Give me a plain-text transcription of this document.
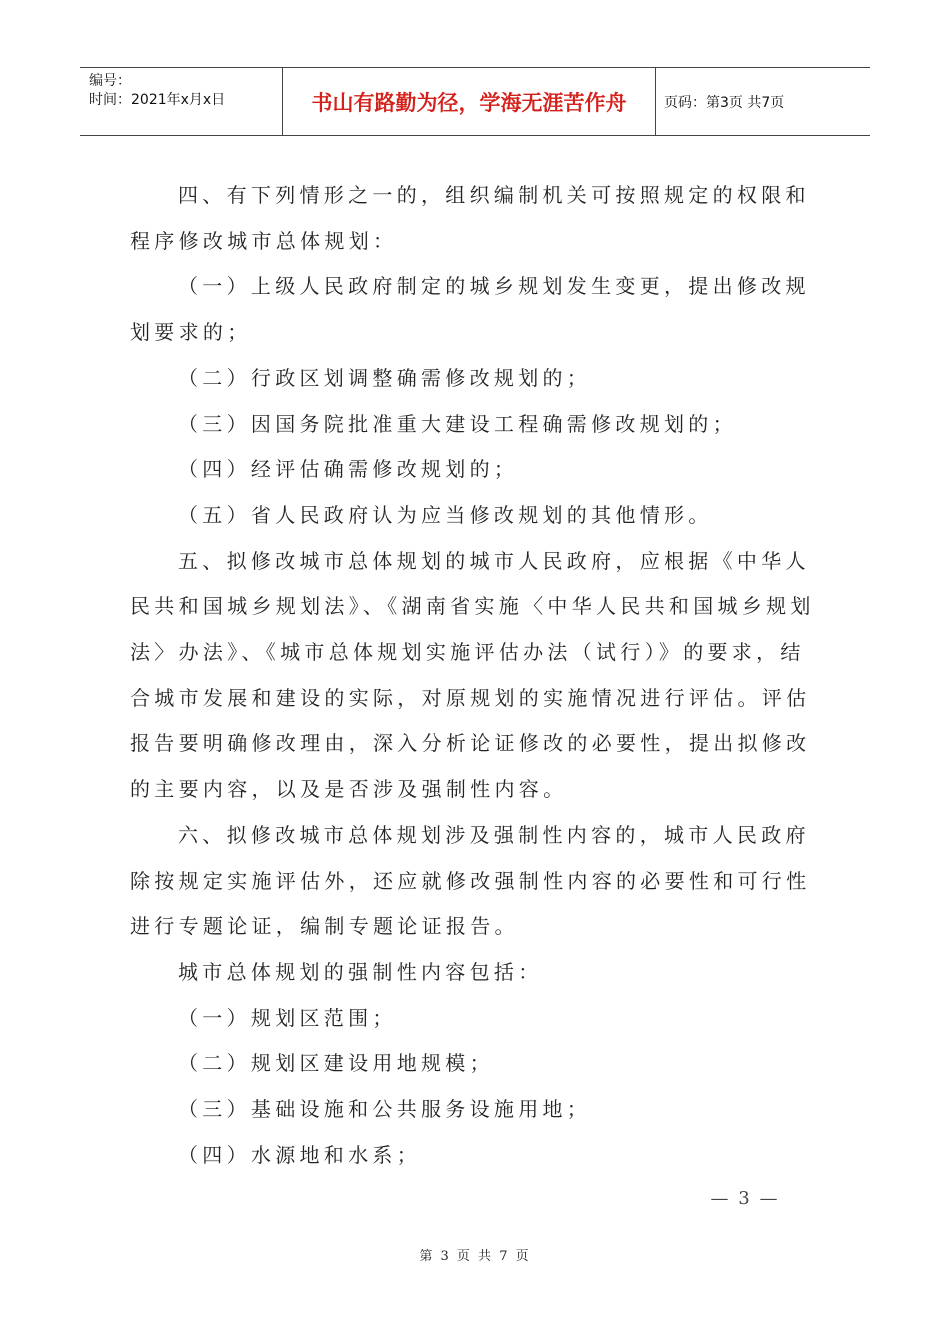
编号：
时间：2021年x月x日	书山有路勤为径，学海无涯苦作舟	页码：第3页 共7页
四、有下列情形之一的，组织编制机关可按照规定的权限和
程序修改城市总体规划：
（一）上级人民政府制定的城乡规划发生变更，提出修改规
划要求的；
（二）行政区划调整确需修改规划的；
（三）因国务院批准重大建设工程确需修改规划的；
（四）经评估确需修改规划的；
（五）省人民政府认为应当修改规划的其他情形。
五、拟修改城市总体规划的城市人民政府，应根据《中华人
民共和国城乡规划法》、《湖南省实施〈中华人民共和国城乡规划
法〉办法》、《城市总体规划实施评估办法（试行）》的要求，结
合城市发展和建设的实际，对原规划的实施情况进行评估。评估
报告要明确修改理由，深入分析论证修改的必要性，提出拟修改
的主要内容，以及是否涉及强制性内容。
六、拟修改城市总体规划涉及强制性内容的，城市人民政府
除按规定实施评估外，还应就修改强制性内容的必要性和可行性
进行专题论证，编制专题论证报告。
城市总体规划的强制性内容包括：
（一）规划区范围；
（二）规划区建设用地规模；
（三）基础设施和公共服务设施用地；
（四）水源地和水系；
— 3 —
第 3 页 共 7 页
